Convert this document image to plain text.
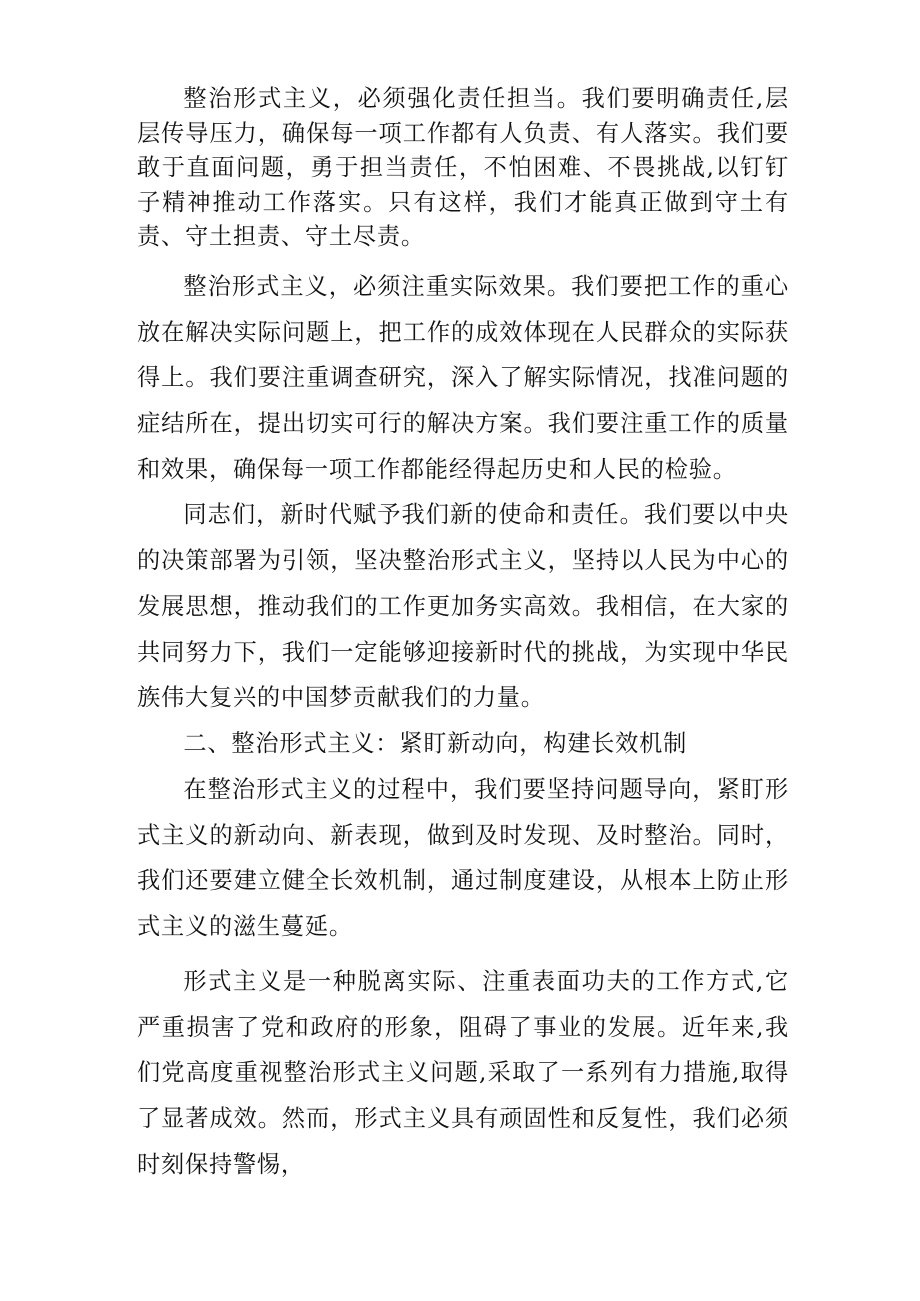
整治形式主义，必须强化责任担当。我们要明确责任,层层传导压力，确保每一项工作都有人负责、有人落实。我们要敢于直面问题，勇于担当责任，不怕困难、不畏挑战,以钉钉子精神推动工作落实。只有这样，我们才能真正做到守土有责、守土担责、守土尽责。

整治形式主义，必须注重实际效果。我们要把工作的重心放在解决实际问题上，把工作的成效体现在人民群众的实际获得上。我们要注重调查研究，深入了解实际情况，找准问题的症结所在，提出切实可行的解决方案。我们要注重工作的质量和效果，确保每一项工作都能经得起历史和人民的检验。

同志们，新时代赋予我们新的使命和责任。我们要以中央的决策部署为引领，坚决整治形式主义，坚持以人民为中心的发展思想，推动我们的工作更加务实高效。我相信，在大家的共同努力下，我们一定能够迎接新时代的挑战，为实现中华民族伟大复兴的中国梦贡献我们的力量。

二、整治形式主义：紧盯新动向，构建长效机制

在整治形式主义的过程中，我们要坚持问题导向，紧盯形式主义的新动向、新表现，做到及时发现、及时整治。同时，我们还要建立健全长效机制，通过制度建设，从根本上防止形式主义的滋生蔓延。

形式主义是一种脱离实际、注重表面功夫的工作方式,它严重损害了党和政府的形象，阻碍了事业的发展。近年来,我们党高度重视整治形式主义问题,采取了一系列有力措施,取得了显著成效。然而，形式主义具有顽固性和反复性，我们必须时刻保持警惕，
